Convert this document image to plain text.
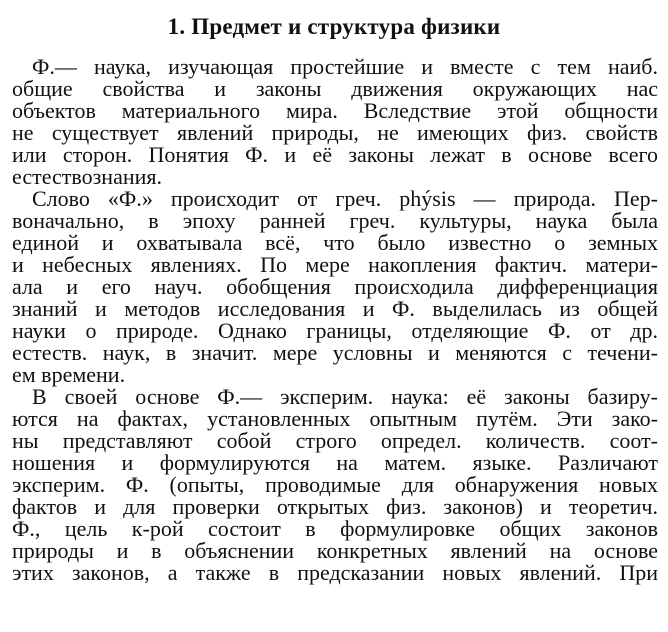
1. Предмет и структура физики
Ф.— наука, изучающая простейшие и вместе с тем наиб.
общие свойства и законы движения окружающих нас
объектов материального мира. Вследствие этой общности
не существует явлений природы, не имеющих физ. свойств
или сторон. Понятия Ф. и её законы лежат в основе всего
естествознания.
Слово «Ф.» происходит от греч. phýsis — природа. Пер-
воначально, в эпоху ранней греч. культуры, наука была
единой и охватывала всё, что было известно о земных
и небесных явлениях. По мере накопления фактич. матери-
ала и его науч. обобщения происходила дифференциация
знаний и методов исследования и Ф. выделилась из общей
науки о природе. Однако границы, отделяющие Ф. от др.
естеств. наук, в значит. мере условны и меняются с течени-
ем времени.
В своей основе Ф.— эксперим. наука: её законы базиру-
ются на фактах, установленных опытным путём. Эти зако-
ны представляют собой строго определ. количеств. соот-
ношения и формулируются на матем. языке. Различают
эксперим. Ф. (опыты, проводимые для обнаружения новых
фактов и для проверки открытых физ. законов) и теоретич.
Ф., цель к-рой состоит в формулировке общих законов
природы и в объяснении конкретных явлений на основе
этих законов, а также в предсказании новых явлений. При
